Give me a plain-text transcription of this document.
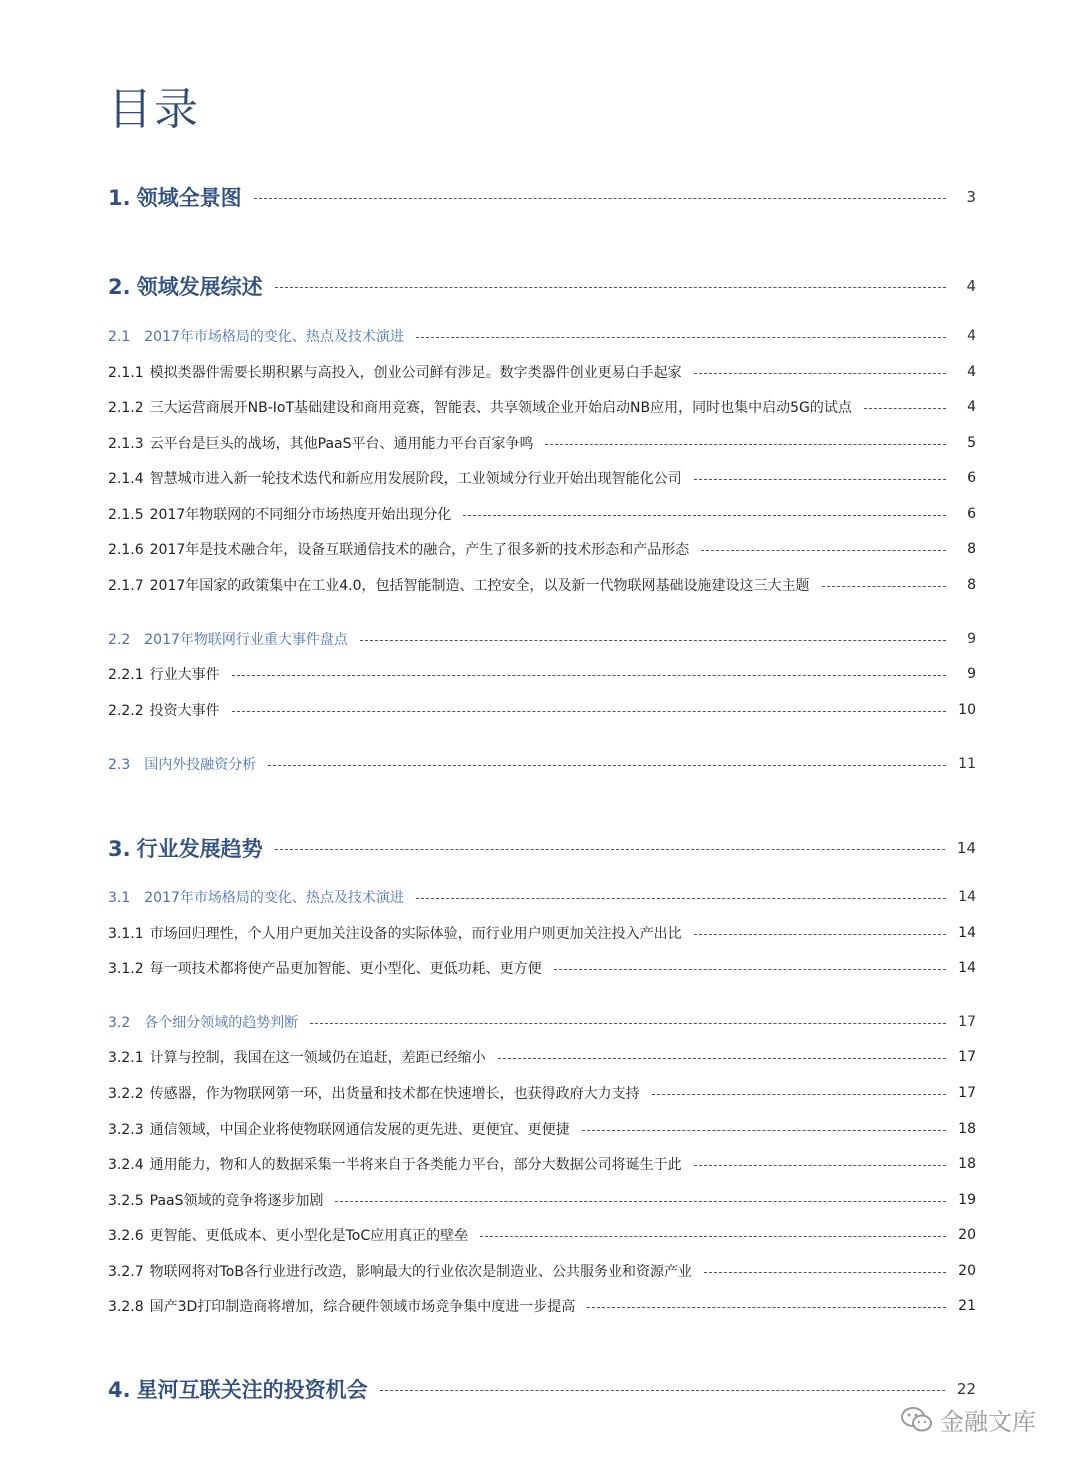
目录
1. 领域全景图	3
2. 领域发展综述	4
2.1 2017年市场格局的变化、热点及技术演进	4
2.1.1 模拟类器件需要长期积累与高投入，创业公司鲜有涉足。数字类器件创业更易白手起家	4
2.1.2 三大运营商展开NB-IoT基础建设和商用竞赛，智能表、共享领域企业开始启动NB应用，同时也集中启动5G的试点	4
2.1.3 云平台是巨头的战场，其他PaaS平台、通用能力平台百家争鸣	5
2.1.4 智慧城市进入新一轮技术迭代和新应用发展阶段，工业领域分行业开始出现智能化公司	6
2.1.5 2017年物联网的不同细分市场热度开始出现分化	6
2.1.6 2017年是技术融合年，设备互联通信技术的融合，产生了很多新的技术形态和产品形态	8
2.1.7 2017年国家的政策集中在工业4.0，包括智能制造、工控安全，以及新一代物联网基础设施建设这三大主题	8
2.2 2017年物联网行业重大事件盘点	9
2.2.1 行业大事件	9
2.2.2 投资大事件	10
2.3 国内外投融资分析	11
3. 行业发展趋势	14
3.1 2017年市场格局的变化、热点及技术演进	14
3.1.1 市场回归理性，个人用户更加关注设备的实际体验，而行业用户则更加关注投入产出比	14
3.1.2 每一项技术都将使产品更加智能、更小型化、更低功耗、更方便	14
3.2 各个细分领域的趋势判断	17
3.2.1 计算与控制，我国在这一领域仍在追赶，差距已经缩小	17
3.2.2 传感器，作为物联网第一环，出货量和技术都在快速增长，也获得政府大力支持	17
3.2.3 通信领域，中国企业将使物联网通信发展的更先进、更便宜、更便捷	18
3.2.4 通用能力，物和人的数据采集一半将来自于各类能力平台，部分大数据公司将诞生于此	18
3.2.5 PaaS领域的竞争将逐步加剧	19
3.2.6 更智能、更低成本、更小型化是ToC应用真正的壁垒	20
3.2.7 物联网将对ToB各行业进行改造，影响最大的行业依次是制造业、公共服务业和资源产业	20
3.2.8 国产3D打印制造商将增加，综合硬件领域市场竞争集中度进一步提高	21
4. 星河互联关注的投资机会	22
金融文库
